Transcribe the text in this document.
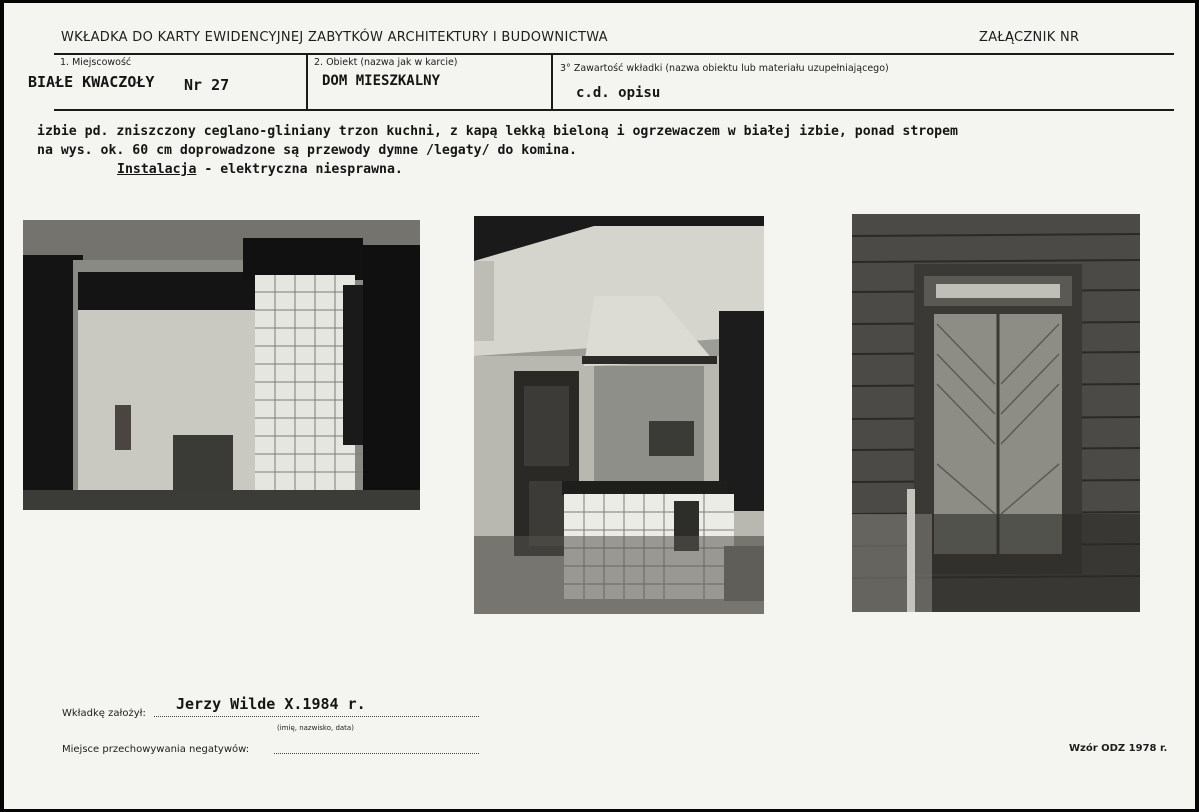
WKŁADKA DO KARTY EWIDENCYJNEJ ZABYTKÓW ARCHITEKTURY I BUDOWNICTWA	ZAŁĄCZNIK NR
1. Miejscowość
BIAŁE KWACZOŁY Nr 27
2. Obiekt (nazwa jak w karcie)
DOM MIESZKALNY
3° Zawartość wkładki (nazwa obiektu lub materiału uzupełniającego)
c.d. opisu
izbie pd. zniszczony ceglano-gliniany trzon kuchni, z kapą lekką bieloną i ogrzewaczem w białej izbie, ponad stropem
na wys. ok. 60 cm doprowadzone są przewody dymne /legaty/ do komina.
Instalacja - elektryczna niesprawna.
Wkładkę założył:
Jerzy Wilde X.1984 r.
(imię, nazwisko, data)
Miejsce przechowywania negatywów:	Wzór ODZ 1978 r.
